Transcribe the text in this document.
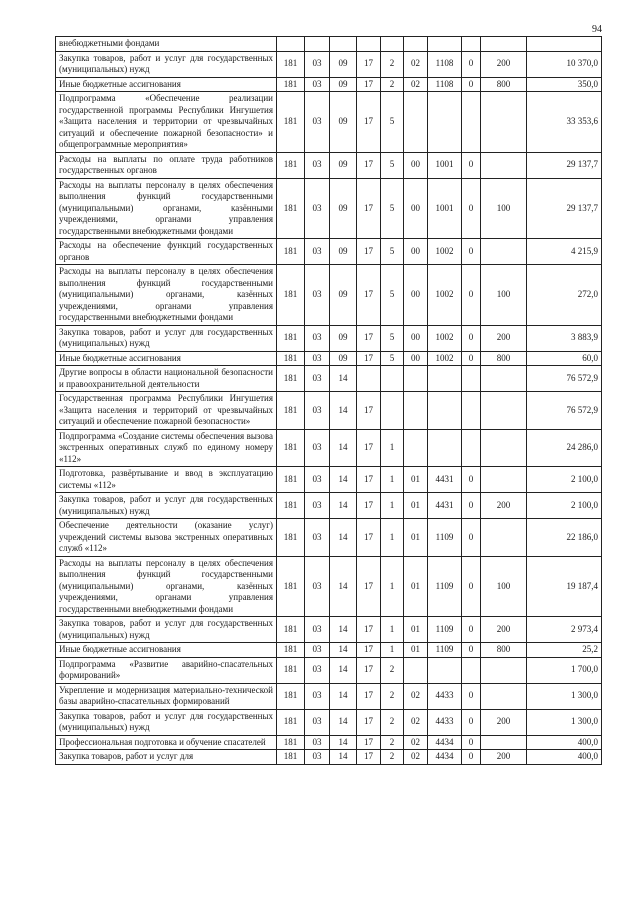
94
внебюджетными фондами										
Закупка товаров, работ и услуг для государственных (муниципальных) нужд	181	03	09	17	2	02	1108	0	200	10 370,0
Иные бюджетные ассигнования	181	03	09	17	2	02	1108	0	800	350,0
Подпрограмма «Обеспечение реализации государственной программы Республики Ингушетия «Защита населения и территории от чрезвычайных ситуаций и обеспечение пожарной безопасности» и общепрограммные мероприятия»	181	03	09	17	5					33 353,6
Расходы на выплаты по оплате труда работников государственных органов	181	03	09	17	5	00	1001	0		29 137,7
Расходы на выплаты персоналу в целях обеспечения выполнения функций государственными (муниципальными) органами, казёнными учреждениями, органами управления государственными внебюджетными фондами	181	03	09	17	5	00	1001	0	100	29 137,7
Расходы на обеспечение функций государственных органов	181	03	09	17	5	00	1002	0		4 215,9
Расходы на выплаты персоналу в целях обеспечения выполнения функций государственными (муниципальными) органами, казённых учреждениями, органами управления государственными внебюджетными фондами	181	03	09	17	5	00	1002	0	100	272,0
Закупка товаров, работ и услуг для государственных (муниципальных) нужд	181	03	09	17	5	00	1002	0	200	3 883,9
Иные бюджетные ассигнования	181	03	09	17	5	00	1002	0	800	60,0
Другие вопросы в области национальной безопасности и правоохранительной деятельности	181	03	14							76 572,9
Государственная программа Республики Ингушетия «Защита населения и территорий от чрезвычайных ситуаций и обеспечение пожарной безопасности»	181	03	14	17						76 572,9
Подпрограмма «Создание системы обеспечения вызова экстренных оперативных служб по единому номеру «112»	181	03	14	17	1					24 286,0
Подготовка, развёртывание и ввод в эксплуатацию системы «112»	181	03	14	17	1	01	4431	0		2 100,0
Закупка товаров, работ и услуг для государственных (муниципальных) нужд	181	03	14	17	1	01	4431	0	200	2 100,0
Обеспечение деятельности (оказание услуг) учреждений системы вызова экстренных оперативных служб «112»	181	03	14	17	1	01	1109	0		22 186,0
Расходы на выплаты персоналу в целях обеспечения выполнения функций государственными (муниципальными) органами, казённых учреждениями, органами управления государственными внебюджетными фондами	181	03	14	17	1	01	1109	0	100	19 187,4
Закупка товаров, работ и услуг для государственных (муниципальных) нужд	181	03	14	17	1	01	1109	0	200	2 973,4
Иные бюджетные ассигнования	181	03	14	17	1	01	1109	0	800	25,2
Подпрограмма «Развитие аварийно-спасательных формирований»	181	03	14	17	2					1 700,0
Укрепление и модернизация материально-технической базы аварийно-спасательных формирований	181	03	14	17	2	02	4433	0		1 300,0
Закупка товаров, работ и услуг для государственных (муниципальных) нужд	181	03	14	17	2	02	4433	0	200	1 300,0
Профессиональная подготовка и обучение спасателей	181	03	14	17	2	02	4434	0		400,0
Закупка товаров, работ и услуг для	181	03	14	17	2	02	4434	0	200	400,0
